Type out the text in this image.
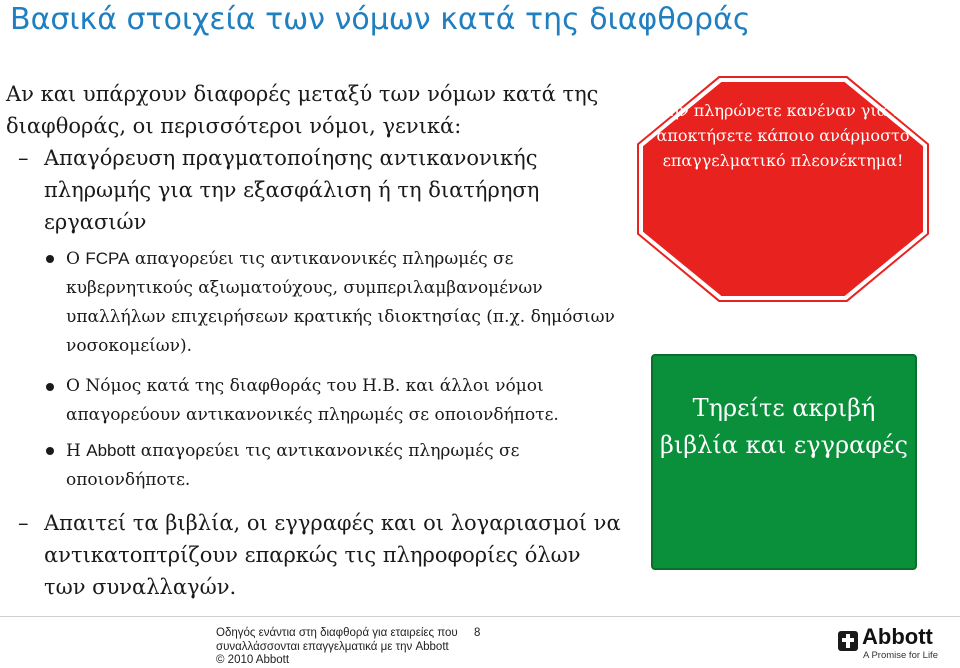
Βασικά στοιχεία των νόμων κατά της διαφθοράς
Αν και υπάρχουν διαφορές μεταξύ των νόμων κατά της διαφθοράς, οι περισσότεροι νόμοι, γενικά:
– Απαγόρευση πραγματοποίησης αντικανονικής πληρωμής για την εξασφάλιση ή τη διατήρηση εργασιών
Ο FCPA απαγορεύει τις αντικανονικές πληρωμές σε κυβερνητικούς αξιωματούχους, συμπεριλαμβανομένων υπαλλήλων επιχειρήσεων κρατικής ιδιοκτησίας (π.χ. δημόσιων νοσοκομείων).
Ο Νόμος κατά της διαφθοράς του Η.Β. και άλλοι νόμοι απαγορεύουν αντικανονικές πληρωμές σε οποιονδήποτε.
Η Abbott απαγορεύει τις αντικανονικές πληρωμές σε οποιονδήποτε.
– Απαιτεί τα βιβλία, οι εγγραφές και οι λογαριασμοί να αντικατοπτρίζουν επαρκώς τις πληροφορίες όλων των συναλλαγών.
Μην πληρώνετε κανέναν για να αποκτήσετε κάποιο ανάρμοστο επαγγελματικό πλεονέκτημα!
Τηρείτε ακριβή βιβλία και εγγραφές
Οδηγός ενάντια στη διαφθορά για εταιρείες που συναλλάσσονται επαγγελματικά με την Abbott
© 2010 Abbott
8	Abbott
A Promise for Life
